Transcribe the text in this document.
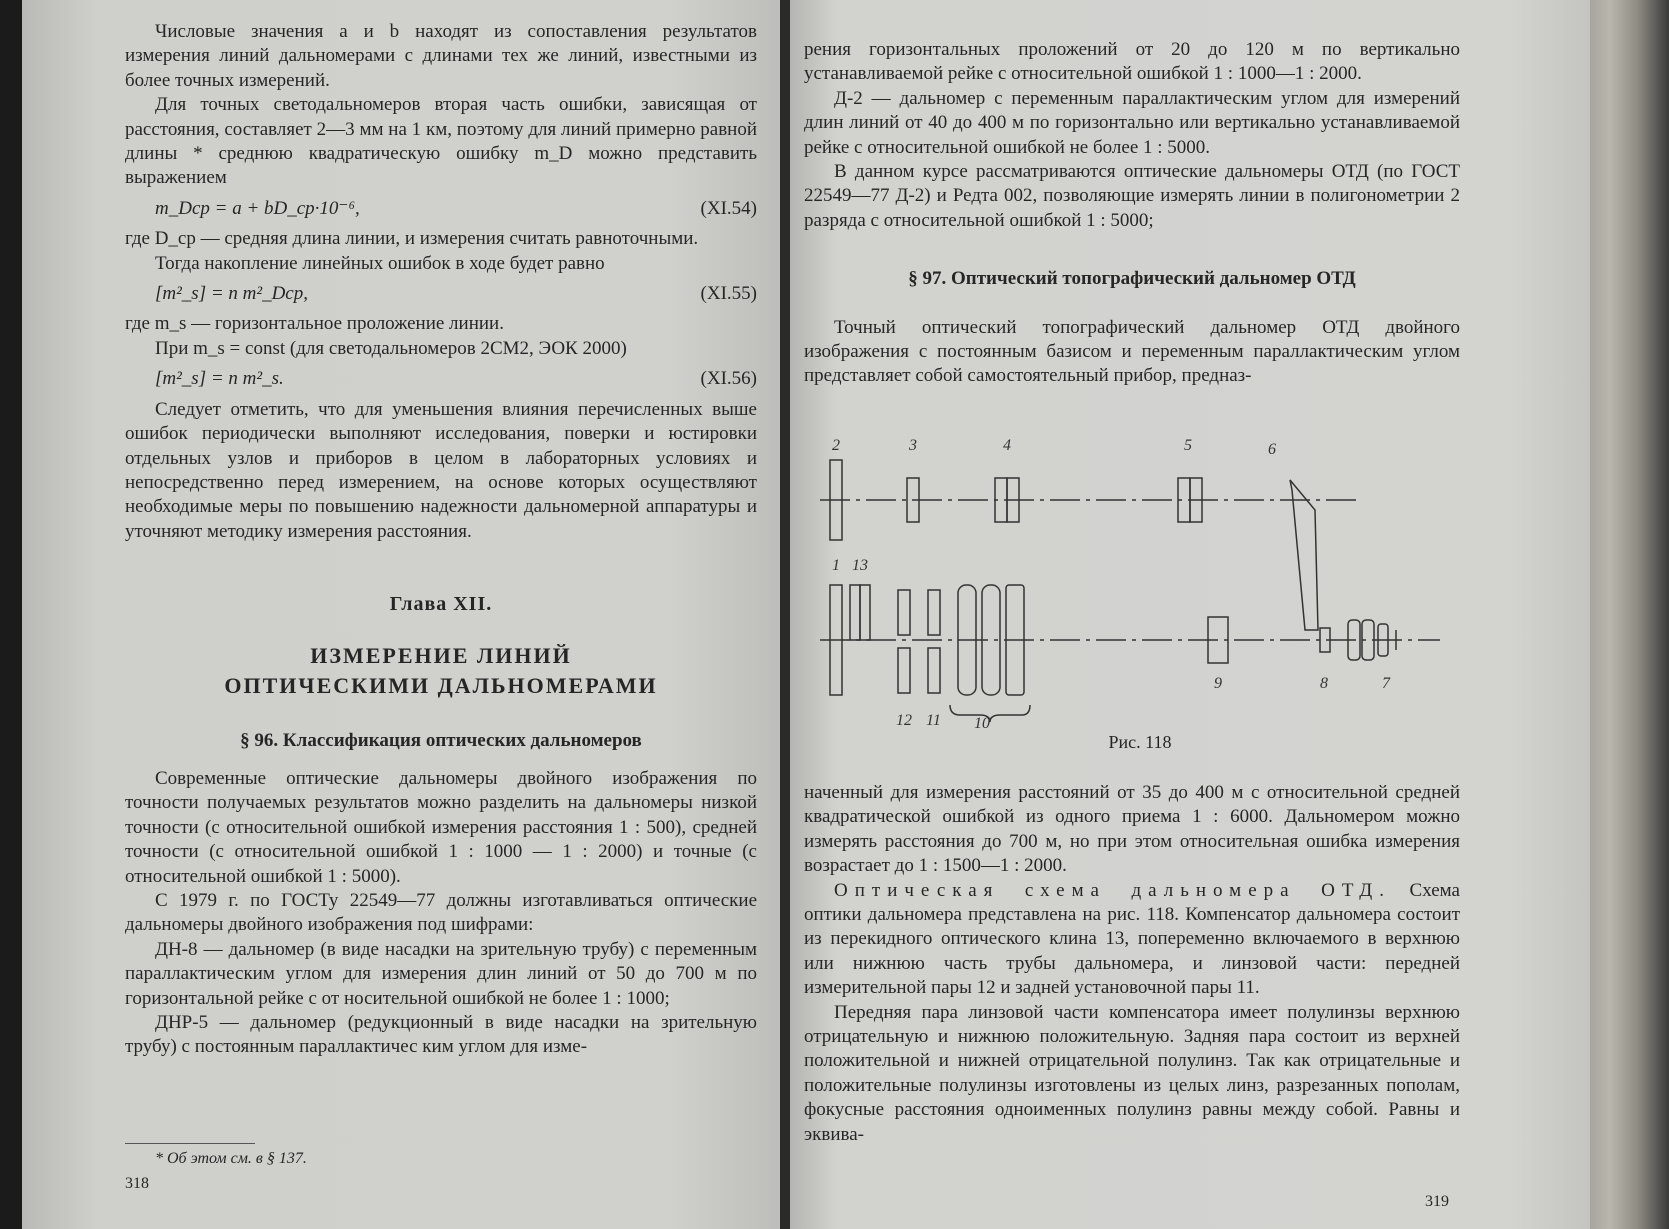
Числовые значения a и b находят из сопоставления результатов измерения линий дальномерами с длинами тех же линий, известными из более точных измерений.

Для точных светодальномеров вторая часть ошибки, зависящая от расстояния, составляет 2—3 мм на 1 км, поэтому для линий примерно равной длины * среднюю квадратическую ошибку m_D можно представить выражением

m_Dср = a + bD_ср·10⁻⁶,	(XI.54)

где D_ср — средняя длина линии, и измерения считать равноточными.

Тогда накопление линейных ошибок в ходе будет равно

[m²_s] = n m²_Dср,	(XI.55)

где m_s — горизонтальное проложение линии.

При m_s = const (для светодальномеров 2СМ2, ЭОК 2000)

[m²_s] = n m²_s.	(XI.56)

Следует отметить, что для уменьшения влияния перечисленных выше ошибок периодически выполняют исследования, поверки и юстировки отдельных узлов и приборов в целом в лабораторных условиях и непосредственно перед измерением, на основе которых осуществляют необходимые меры по повышению надежности дальномерной аппаратуры и уточняют методику измерения расстояния.

Глава XII.
ИЗМЕРЕНИЕ ЛИНИЙ
ОПТИЧЕСКИМИ ДАЛЬНОМЕРАМИ
§ 96. Классификация оптических дальномеров

Современные оптические дальномеры двойного изображения по точности получаемых результатов можно разделить на дальномеры низкой точности (с относительной ошибкой измерения расстояния 1 : 500), средней точности (с относительной ошибкой 1 : 1000 — 1 : 2000) и точные (с относительной ошибкой 1 : 5000).

С 1979 г. по ГОСТу 22549—77 должны изготавливаться оптические дальномеры двойного изображения под шифрами:

ДН-8 — дальномер (в виде насадки на зрительную трубу) с переменным параллактическим углом для измерения длин линий от 50 до 700 м по горизонтальной рейке с от носительной ошибкой не более 1 : 1000;

ДНР-5 — дальномер (редукционный в виде насадки на зрительную трубу) с постоянным параллактичес ким углом для изме-

* Об этом см. в § 137.
318

рения горизонтальных проложений от 20 до 120 м по вертикально устанавливаемой рейке с относительной ошибкой 1 : 1000—1 : 2000.

Д-2 — дальномер с переменным параллактическим углом для измерений длин линий от 40 до 400 м по горизонтально или вертикально устанавливаемой рейке с относительной ошибкой не более 1 : 5000.

В данном курсе рассматриваются оптические дальномеры ОТД (по ГОСТ 22549—77 Д-2) и Редта 002, позволяющие измерять линии в полигонометрии 2 разряда с относительной ошибкой 1 : 5000;

§ 97. Оптический топографический дальномер ОТД

Точный оптический топографический дальномер ОТД двойного изображения с постоянным базисом и переменным параллактическим углом представляет собой самостоятельный прибор, предназ-

наченный для измерения расстояний от 35 до 400 м с относительной средней квадратической ошибкой из одного приема 1 : 6000. Дальномером можно измерять расстояния до 700 м, но при этом относительная ошибка измерения возрастает до 1 : 1500—1 : 2000.

Оптическая схема дальномера ОТД. Схема оптики дальномера представлена на рис. 118. Компенсатор дальномера состоит из перекидного оптического клина 13, попеременно включаемого в верхнюю или нижнюю часть трубы дальномера, и линзовой части: передней измерительной пары 12 и задней установочной пары 11.

Передняя пара линзовой части компенсатора имеет полулинзы верхнюю отрицательную и нижнюю положительную. Задняя пара состоит из верхней положительной и нижней отрицательной полулинз. Так как отрицательные и положительные полулинзы изготовлены из целых линз, разрезанных пополам, фокусные расстояния одноименных полулинз равны между собой. Равны и эквива-

2	3	4	5	6
1 13
12 11 10
9	8	7
Рис. 118
319
